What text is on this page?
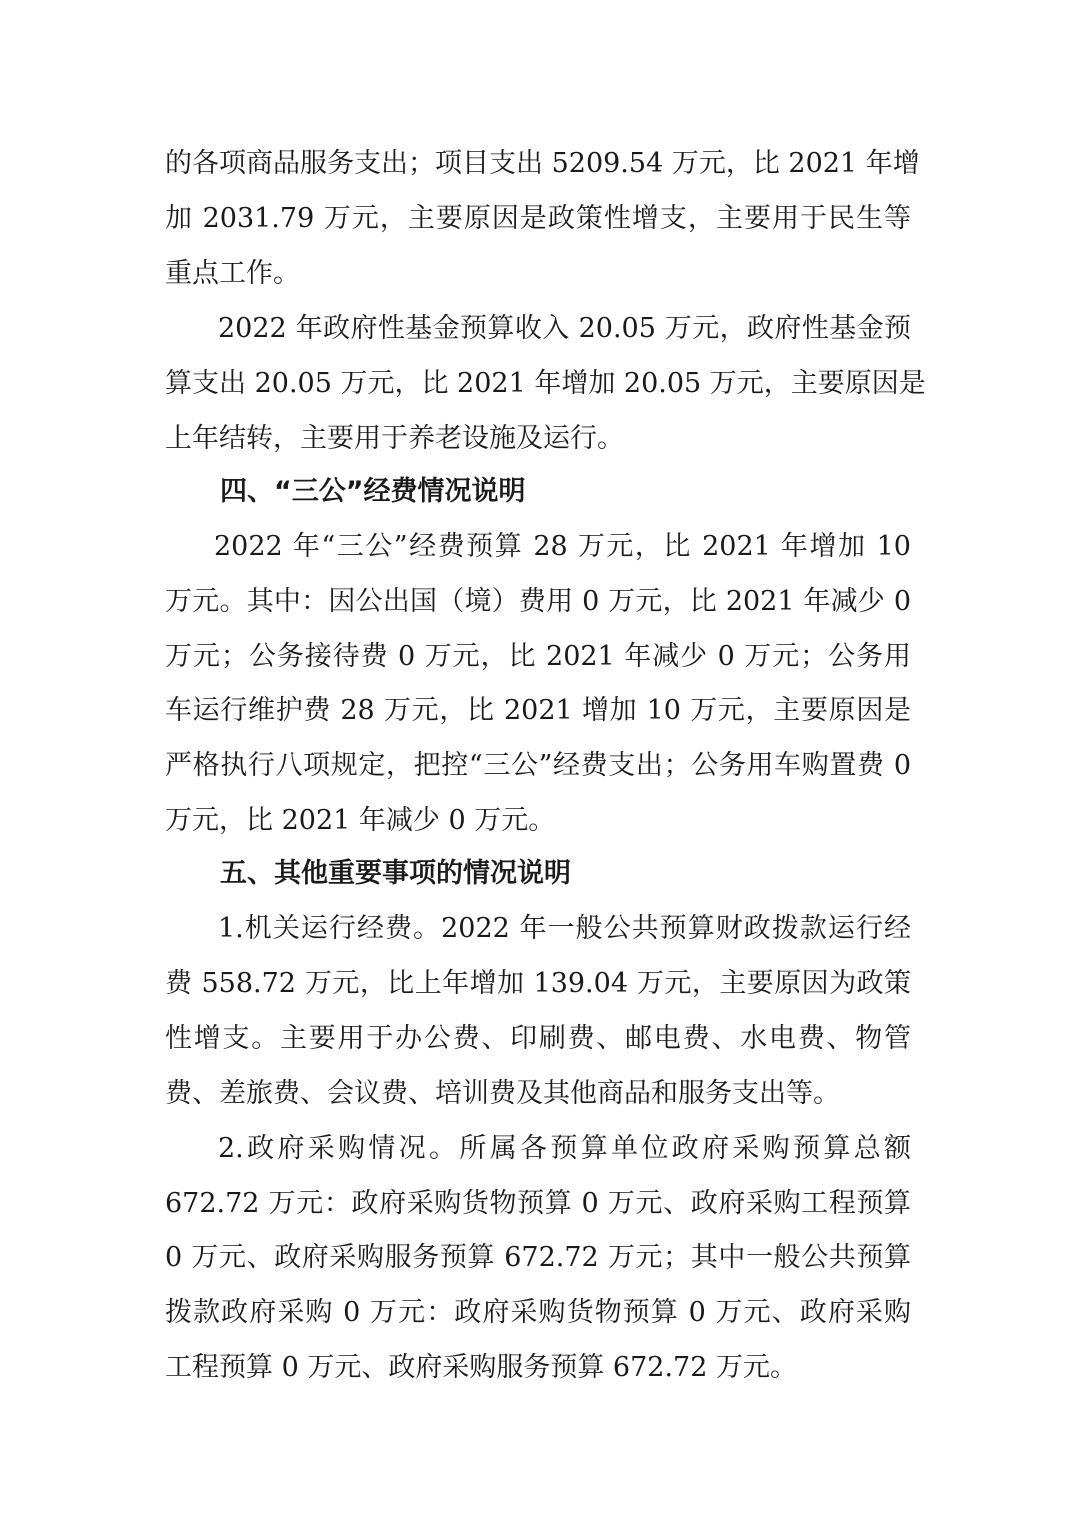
的各项商品服务支出；项目支出 5209.54 万元，比 2021 年增
加 2031.79 万元，主要原因是政策性增支，主要用于民生等
重点工作。
2022 年政府性基金预算收入 20.05 万元，政府性基金预
算支出 20.05 万元，比 2021 年增加 20.05 万元，主要原因是
上年结转，主要用于养老设施及运行。
四、“三公”经费情况说明
2022 年“三公”经费预算 28 万元，比 2021 年增加 10
万元。其中：因公出国（境）费用 0 万元，比 2021 年减少 0
万元；公务接待费 0 万元，比 2021 年减少 0 万元；公务用
车运行维护费 28 万元，比 2021 增加 10 万元，主要原因是
严格执行八项规定，把控“三公”经费支出；公务用车购置费 0
万元，比 2021 年减少 0 万元。
五、其他重要事项的情况说明
1.机关运行经费。2022 年一般公共预算财政拨款运行经
费 558.72 万元，比上年增加 139.04 万元，主要原因为政策
性增支。主要用于办公费、印刷费、邮电费、水电费、物管
费、差旅费、会议费、培训费及其他商品和服务支出等。
2.政府采购情况。所属各预算单位政府采购预算总额
672.72 万元：政府采购货物预算 0 万元、政府采购工程预算
0 万元、政府采购服务预算 672.72 万元；其中一般公共预算
拨款政府采购 0 万元：政府采购货物预算 0 万元、政府采购
工程预算 0 万元、政府采购服务预算 672.72 万元。
